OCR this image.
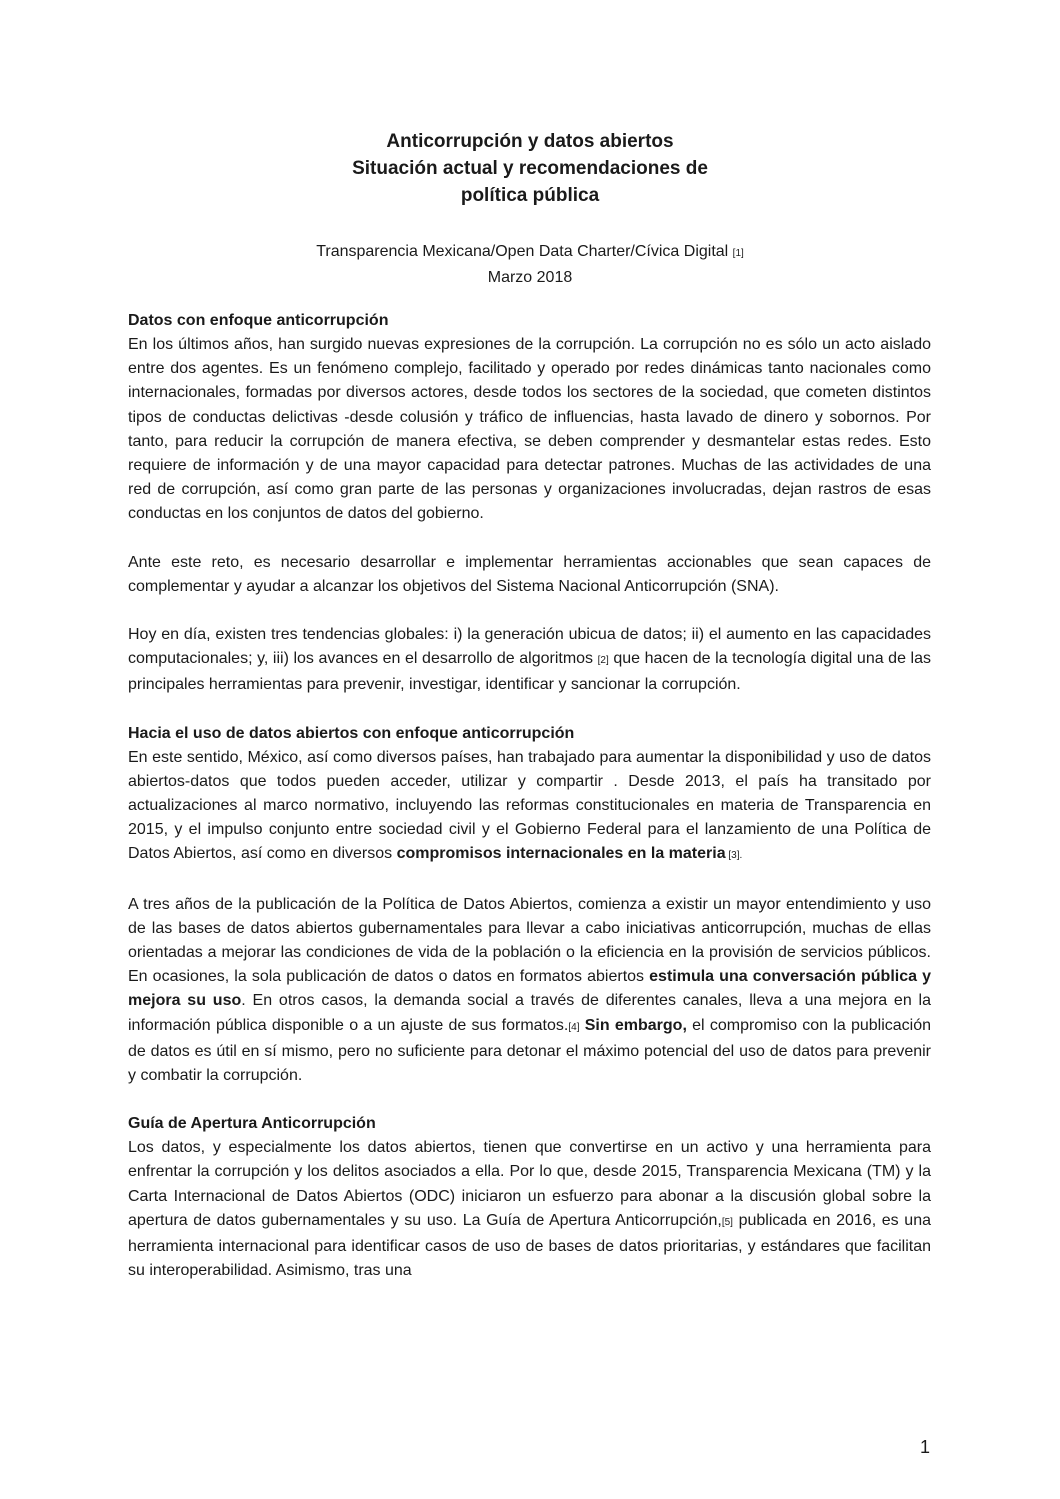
Anticorrupción y datos abiertos
Situación actual y recomendaciones de
política pública
Transparencia Mexicana/Open Data Charter/Cívica Digital [1]
Marzo 2018
Datos con enfoque anticorrupción

En los últimos años, han surgido nuevas expresiones de la corrupción. La corrupción no es sólo un acto aislado entre dos agentes. Es un fenómeno complejo, facilitado y operado por redes dinámicas tanto nacionales como internacionales, formadas por diversos actores, desde todos los sectores de la sociedad, que cometen distintos tipos de conductas delictivas -desde colusión y tráfico de influencias, hasta lavado de dinero y sobornos. Por tanto, para reducir la corrupción de manera efectiva, se deben comprender y desmantelar estas redes. Esto requiere de información y de una mayor capacidad para detectar patrones. Muchas de las actividades de una red de corrupción, así como gran parte de las personas y organizaciones involucradas, dejan rastros de esas conductas en los conjuntos de datos del gobierno.

Ante este reto, es necesario desarrollar e implementar herramientas accionables que sean capaces de complementar y ayudar a alcanzar los objetivos del Sistema Nacional Anticorrupción (SNA).

Hoy en día, existen tres tendencias globales: i) la generación ubicua de datos; ii) el aumento en las capacidades computacionales; y, iii) los avances en el desarrollo de algoritmos [2] que hacen de la tecnología digital una de las principales herramientas para prevenir, investigar, identificar y sancionar la corrupción.

Hacia el uso de datos abiertos con enfoque anticorrupción

En este sentido, México, así como diversos países, han trabajado para aumentar la disponibilidad y uso de datos abiertos-datos que todos pueden acceder, utilizar y compartir . Desde 2013, el país ha transitado por actualizaciones al marco normativo, incluyendo las reformas constitucionales en materia de Transparencia en 2015, y el impulso conjunto entre sociedad civil y el Gobierno Federal para el lanzamiento de una Política de Datos Abiertos, así como en diversos compromisos internacionales en la materia [3].

A tres años de la publicación de la Política de Datos Abiertos, comienza a existir un mayor entendimiento y uso de las bases de datos abiertos gubernamentales para llevar a cabo iniciativas anticorrupción, muchas de ellas orientadas a mejorar las condiciones de vida de la población o la eficiencia en la provisión de servicios públicos. En ocasiones, la sola publicación de datos o datos en formatos abiertos estimula una conversación pública y mejora su uso. En otros casos, la demanda social a través de diferentes canales, lleva a una mejora en la información pública disponible o a un ajuste de sus formatos.[4] Sin embargo, el compromiso con la publicación de datos es útil en sí mismo, pero no suficiente para detonar el máximo potencial del uso de datos para prevenir y combatir la corrupción.

Guía de Apertura Anticorrupción

Los datos, y especialmente los datos abiertos, tienen que convertirse en un activo y una herramienta para enfrentar la corrupción y los delitos asociados a ella. Por lo que, desde 2015, Transparencia Mexicana (TM) y la Carta Internacional de Datos Abiertos (ODC) iniciaron un esfuerzo para abonar a la discusión global sobre la apertura de datos gubernamentales y su uso. La Guía de Apertura Anticorrupción,[5] publicada en 2016, es una herramienta internacional para identificar casos de uso de bases de datos prioritarias, y estándares que facilitan su interoperabilidad. Asimismo, tras una

1
